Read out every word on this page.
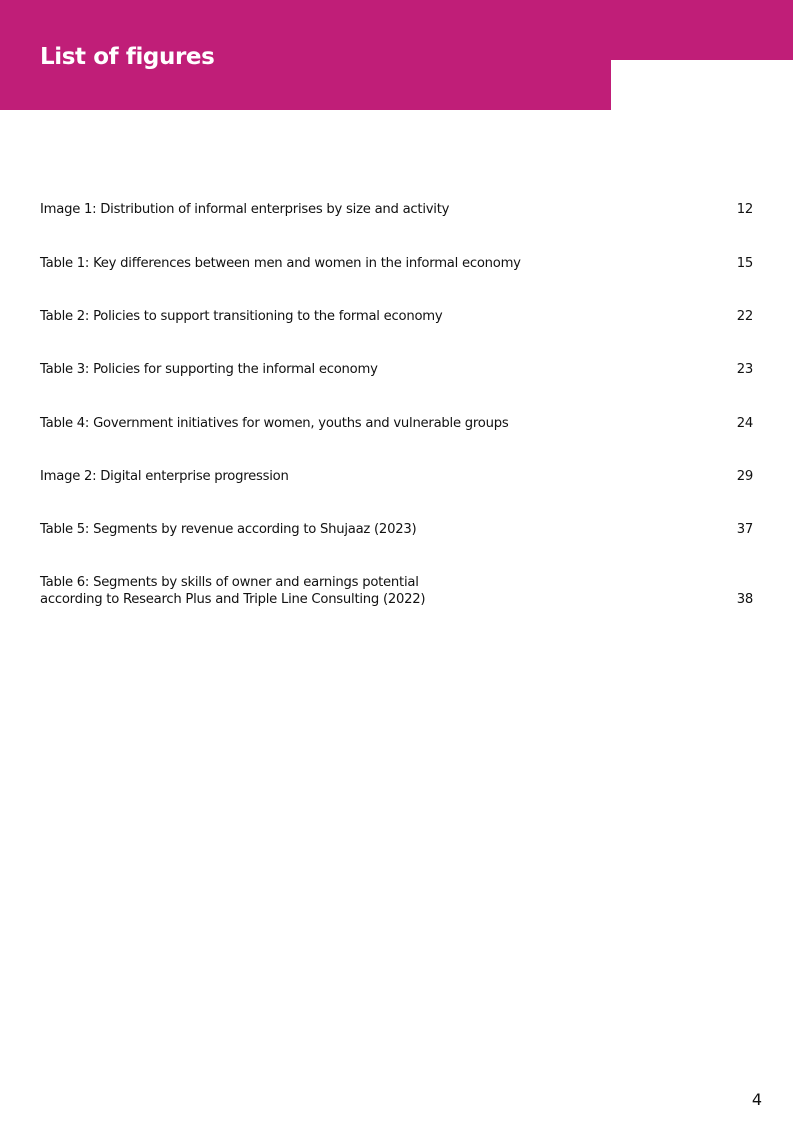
List of figures
Image 1: Distribution of informal enterprises by size and activity	12
Table 1: Key differences between men and women in the informal economy	15
Table 2: Policies to support transitioning to the formal economy	22
Table 3: Policies for supporting the informal economy	23
Table 4: Government initiatives for women, youths and vulnerable groups	24
Image 2: Digital enterprise progression	29
Table 5: Segments by revenue according to Shujaaz (2023)	37
Table 6: Segments by skills of owner and earnings potential
according to Research Plus and Triple Line Consulting (2022)	38
4
